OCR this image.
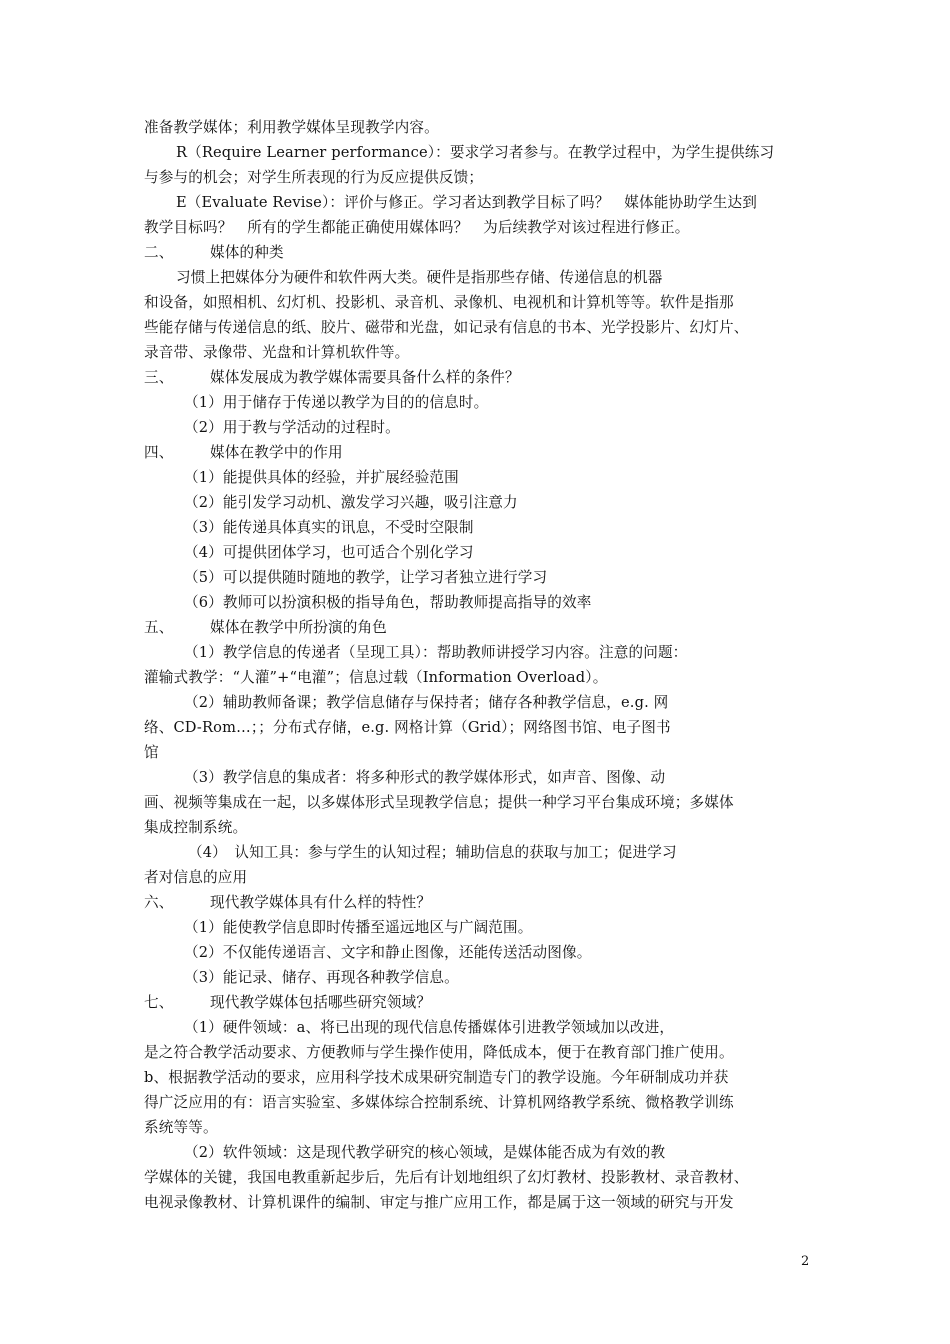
准备教学媒体；利用教学媒体呈现教学内容。
R（Require Learner performance）：要求学习者参与。在教学过程中，为学生提供练习
与参与的机会；对学生所表现的行为反应提供反馈；
E（Evaluate Revise）：评价与修正。学习者达到教学目标了吗？　媒体能协助学生达到
教学目标吗？　所有的学生都能正确使用媒体吗？　为后续教学对该过程进行修正。
二、	媒体的种类
习惯上把媒体分为硬件和软件两大类。硬件是指那些存储、传递信息的机器
和设备，如照相机、幻灯机、投影机、录音机、录像机、电视机和计算机等等。软件是指那
些能存储与传递信息的纸、胶片、磁带和光盘，如记录有信息的书本、光学投影片、幻灯片、
录音带、录像带、光盘和计算机软件等。
三、	媒体发展成为教学媒体需要具备什么样的条件？
（1）用于储存于传递以教学为目的的信息时。
（2）用于教与学活动的过程时。
四、	媒体在教学中的作用
（1）能提供具体的经验，并扩展经验范围
（2）能引发学习动机、激发学习兴趣，吸引注意力
（3）能传递具体真实的讯息，不受时空限制
（4）可提供团体学习，也可适合个别化学习
（5）可以提供随时随地的教学，让学习者独立进行学习
（6）教师可以扮演积极的指导角色，帮助教师提高指导的效率
五、	媒体在教学中所扮演的角色
（1）教学信息的传递者（呈现工具）：帮助教师讲授学习内容。注意的问题：
灌输式教学：“人灌”+“电灌”；信息过载（Information Overload）。
（2）辅助教师备课；教学信息储存与保持者；储存各种教学信息，e.g. 网
络、CD-Rom…；；分布式存储，e.g. 网格计算（Grid）；网络图书馆、电子图书
馆
（3）教学信息的集成者：将多种形式的教学媒体形式，如声音、图像、动
画、视频等集成在一起，以多媒体形式呈现教学信息；提供一种学习平台集成环境；多媒体
集成控制系统。
（4）　认知工具：参与学生的认知过程；辅助信息的获取与加工；促进学习
者对信息的应用
六、	现代教学媒体具有什么样的特性？
（1）能使教学信息即时传播至遥远地区与广阔范围。
（2）不仅能传递语言、文字和静止图像，还能传送活动图像。
（3）能记录、储存、再现各种教学信息。
七、	现代教学媒体包括哪些研究领域？
（1）硬件领域：a、将已出现的现代信息传播媒体引进教学领域加以改进，
是之符合教学活动要求、方便教师与学生操作使用，降低成本，便于在教育部门推广使用。
b、根据教学活动的要求，应用科学技术成果研究制造专门的教学设施。今年研制成功并获
得广泛应用的有：语言实验室、多媒体综合控制系统、计算机网络教学系统、微格教学训练
系统等等。
（2）软件领域：这是现代教学研究的核心领域，是媒体能否成为有效的教
学媒体的关键，我国电教重新起步后，先后有计划地组织了幻灯教材、投影教材、录音教材、
电视录像教材、计算机课件的编制、审定与推广应用工作，都是属于这一领域的研究与开发
2
